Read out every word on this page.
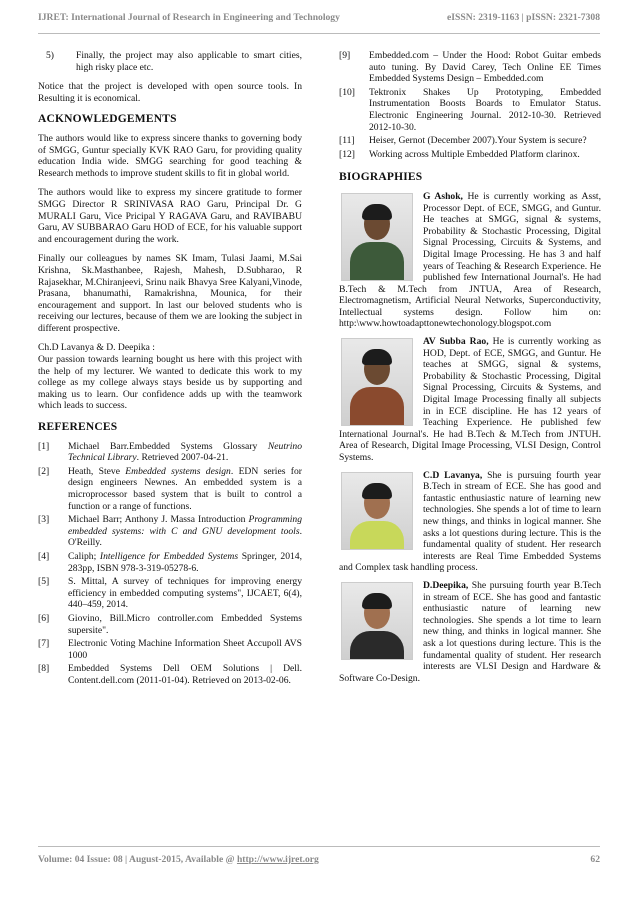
IJRET: International Journal of Research in Engineering and Technology	eISSN: 2319-1163 | pISSN: 2321-7308
5)	Finally, the project may also applicable to smart cities, high risky place etc.

Notice that the project is developed with open source tools. In Resulting it is economical.

ACKNOWLEDGEMENTS

The authors would like to express sincere thanks to governing body of SMGG, Guntur specially KVK RAO Garu, for providing quality education India wide. SMGG searching for good teaching & Research methods to improve student skills to fit in global world.

The authors would like to express my sincere gratitude to former SMGG Director R SRINIVASA RAO Garu, Principal Dr. G MURALI Garu, Vice Pricipal Y RAGAVA Garu, and RAVIBABU Garu, AV SUBBARAO Garu HOD of ECE, for his valuable support and encouragement during the work.

Finally our colleagues by names SK Imam, Tulasi Jaami, M.Sai Krishna, Sk.Masthanbee, Rajesh, Mahesh, D.Subharao, R Rajasekhar, M.Chiranjeevi, Srinu naik Bhavya Sree Kalyani,Vinode, Prasana, bhanumathi, Ramakrishna, Mounica, for their encouragement and support. In last our beloved students who is receiving our lectures, because of them we are looking the subject in different prospective.

Ch.D Lavanya & D. Deepika :

Our passion towards learning bought us here with this project with the help of my lecturer. We wanted to dedicate this work to my college as my college always stays beside us by supporting and making us to learn. Our confidence adds up with the teamwork which leads to success.

REFERENCES
[1]	Michael Barr.Embedded Systems Glossary Neutrino Technical Library. Retrieved 2007-04-21.
[2]	Heath, Steve Embedded systems design. EDN series for design engineers Newnes. An embedded system is a microprocessor based system that is built to control a function or a range of functions.
[3]	Michael Barr; Anthony J. Massa Introduction Programming embedded systems: with C and GNU development tools. O'Reilly.
[4]	Caliph; Intelligence for Embedded Systems Springer, 2014, 283pp, ISBN 978-3-319-05278-6.
[5]	S. Mittal, A survey of techniques for improving energy efficiency in embedded computing systems", IJCAET, 6(4), 440–459, 2014.
[6]	Giovino, Bill.Micro controller.com Embedded Systems supersite".
[7]	Electronic Voting Machine Information Sheet Accupoll AVS 1000
[8]	Embedded Systems Dell OEM Solutions | Dell. Content.dell.com (2011-01-04). Retrieved on 2013-02-06.
[9]	Embedded.com – Under the Hood: Robot Guitar embeds auto tuning. By David Carey, Tech Online EE Times Embedded Systems Design – Embedded.com
[10]	Tektronix Shakes Up Prototyping, Embedded Instrumentation Boosts Boards to Emulator Status. Electronic Engineering Journal. 2012-10-30. Retrieved 2012-10-30.
[11]	Heiser, Gernot (December 2007).Your System is secure?
[12]	Working across Multiple Embedded Platform clarinox.
BIOGRAPHIES
G Ashok, He is currently working as Asst, Processor Dept. of ECE, SMGG, and Guntur. He teaches at SMGG, signal & systems, Probability & Stochastic Processing, Digital Signal Processing, Circuits & Systems, and Digital Image Processing. He has 3 and half years of Teaching & Research Experience. He published few International Journal's. He had B.Tech & M.Tech from JNTUA, Area of Research, Electromagnetism, Artificial Neural Networks, Superconductivity, Intellectual systems design. Follow him on: http:\www.howtoadapttonewtechonology.blogspot.com
AV Subba Rao, He is currently working as HOD, Dept. of ECE, SMGG, and Guntur. He teaches at SMGG, signal & systems, Probability & Stochastic Processing, Digital Signal Processing, Circuits & Systems, and Digital Image Processing finally all subjects in in ECE discipline. He has 12 years of Teaching Experience. He published few International Journal's. He had B.Tech & M.Tech from JNTUH. Area of Research, Digital Image Processing, VLSI Design, Control Systems.
C.D Lavanya, She is pursuing fourth year B.Tech in stream of ECE. She has good and fantastic enthusiastic nature of learning new technologies. She spends a lot of time to learn new things, and thinks in logical manner. She asks a lot questions during lecture. This is the fundamental quality of student. Her research interests are Real Time Embedded Systems and Complex task handling process.
D.Deepika, She pursuing fourth year B.Tech in stream of ECE. She has good and fantastic enthusiastic nature of learning new technologies. She spends a lot time to learn new thing, and thinks in logical manner. She ask a lot questions during lecture. This is the fundamental quality of student. Her research interests are VLSI Design and Hardware & Software Co-Design.
Volume: 04 Issue: 08 | August-2015, Available @ http://www.ijret.org	62
